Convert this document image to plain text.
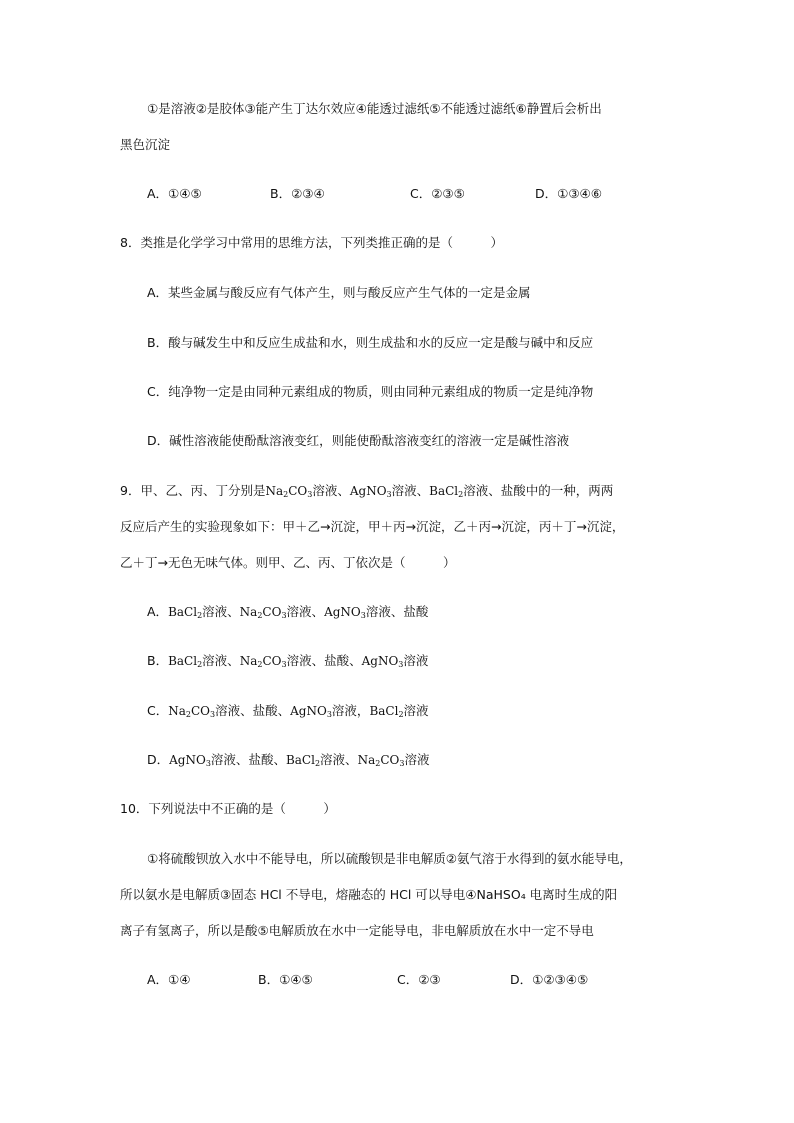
①是溶液②是胶体③能产生丁达尔效应④能透过滤纸⑤不能透过滤纸⑥静置后会析出
黑色沉淀
A．①④⑤	B．②③④	C．②③⑤	D．①③④⑥
8．类推是化学学习中常用的思维方法，下列类推正确的是（　　　）
A．某些金属与酸反应有气体产生，则与酸反应产生气体的一定是金属
B．酸与碱发生中和反应生成盐和水，则生成盐和水的反应一定是酸与碱中和反应
C．纯净物一定是由同种元素组成的物质，则由同种元素组成的物质一定是纯净物
D．碱性溶液能使酚酞溶液变红，则能使酚酞溶液变红的溶液一定是碱性溶液
9．甲、乙、丙、丁分别是$Na_2CO_3$溶液、AgNO$_3$溶液、BaCl$_2$溶液、盐酸中的一种，两两
反应后产生的实验现象如下：甲＋乙→沉淀，甲＋丙→沉淀，乙＋丙→沉淀，丙＋丁→沉淀，
乙＋丁→无色无味气体。则甲、乙、丙、丁依次是（　　　）
A．BaCl$_2$溶液、$Na_2CO_3$溶液、AgNO$_3$溶液、盐酸
B．BaCl$_2$溶液、$Na_2CO_3$溶液、盐酸、AgNO$_3$溶液
C．$Na_2CO_3$溶液、盐酸、AgNO$_3$溶液，BaCl$_2$溶液
D．AgNO$_3$溶液、盐酸、BaCl$_2$溶液、$Na_2CO_3$溶液
10．下列说法中不正确的是（　　　）
①将硫酸钡放入水中不能导电，所以硫酸钡是非电解质②氨气溶于水得到的氨水能导电，
所以氨水是电解质③固态 HCl 不导电，熔融态的 HCl 可以导电④NaHSO₄ 电离时生成的阳
离子有氢离子，所以是酸⑤电解质放在水中一定能导电，非电解质放在水中一定不导电
A．①④	B．①④⑤	C．②③	D．①②③④⑤
